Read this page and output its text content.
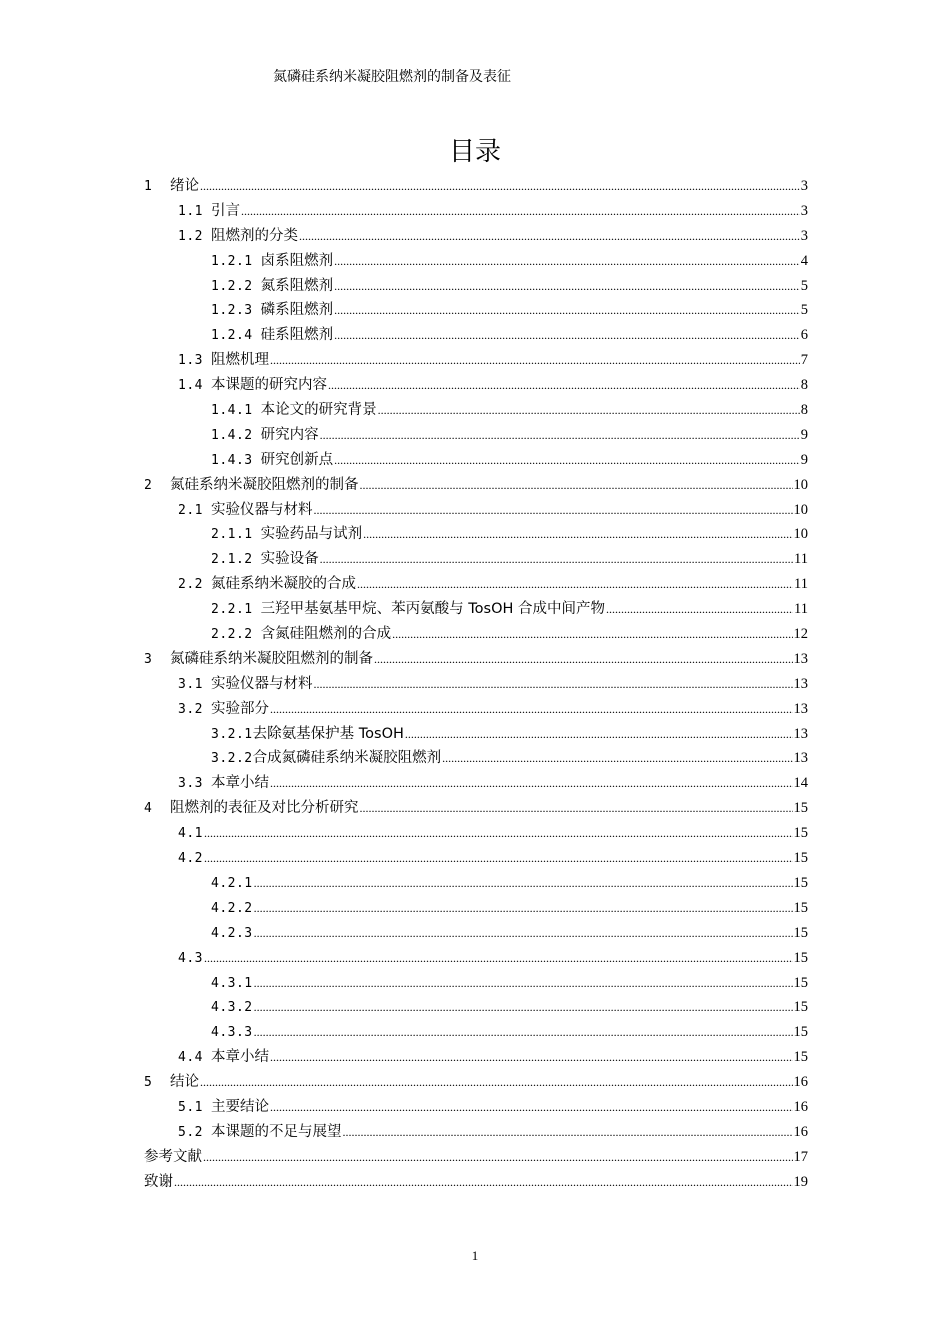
氮磷硅系纳米凝胶阻燃剂的制备及表征
目录
1	绪论 .....	3
1.1 引言 .....	3
1.2 阻燃剂的分类 .....	3
1.2.1 卤系阻燃剂 .....	4
1.2.2 氮系阻燃剂 .....	5
1.2.3 磷系阻燃剂 .....	5
1.2.4 硅系阻燃剂 .....	6
1.3 阻燃机理 .....	7
1.4 本课题的研究内容 .....	8
1.4.1 本论文的研究背景 .....	8
1.4.2 研究内容 .....	9
1.4.3 研究创新点 .....	9
2	氮硅系纳米凝胶阻燃剂的制备 .....	10
2.1 实验仪器与材料 .....	10
2.1.1 实验药品与试剂 .....	10
2.1.2 实验设备 .....	11
2.2 氮硅系纳米凝胶的合成 .....	11
2.2.1 三羟甲基氨基甲烷、苯丙氨酸与 TosOH 合成中间产物 .....	11
2.2.2 含氮硅阻燃剂的合成 .....	12
3	氮磷硅系纳米凝胶阻燃剂的制备 .....	13
3.1 实验仪器与材料 .....	13
3.2 实验部分 .....	13
3.2.1 去除氨基保护基 TosOH .....	13
3.2.2 合成氮磷硅系纳米凝胶阻燃剂 .....	13
3.3 本章小结 .....	14
4	阻燃剂的表征及对比分析研究 .....	15
4.1 .....	15
4.2 .....	15
4.2.1 .....	15
4.2.2 .....	15
4.2.3 .....	15
4.3 .....	15
4.3.1 .....	15
4.3.2 .....	15
4.3.3 .....	15
4.4 本章小结 .....	15
5	结论 .....	16
5.1 主要结论 .....	16
5.2 本课题的不足与展望 .....	16
参考文献 .....	17
致谢 .....	19
1
